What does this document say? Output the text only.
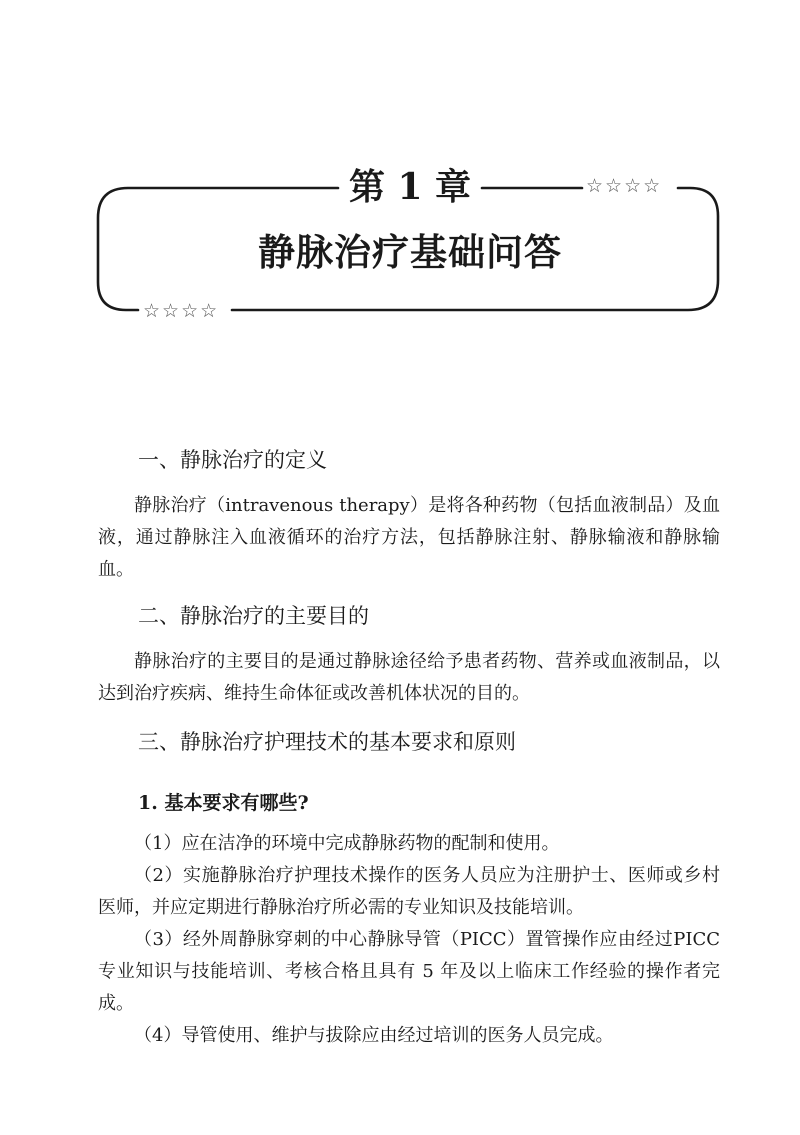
第 1 章
静脉治疗基础问答
☆☆☆☆
☆☆☆☆
一、静脉治疗的定义

静脉治疗（intravenous therapy）是将各种药物（包括血液制品）及血液，通过静脉注入血液循环的治疗方法，包括静脉注射、静脉输液和静脉输血。

二、静脉治疗的主要目的

静脉治疗的主要目的是通过静脉途径给予患者药物、营养或血液制品，以达到治疗疾病、维持生命体征或改善机体状况的目的。

三、静脉治疗护理技术的基本要求和原则
1. 基本要求有哪些?

（1）应在洁净的环境中完成静脉药物的配制和使用。

（2）实施静脉治疗护理技术操作的医务人员应为注册护士、医师或乡村医师，并应定期进行静脉治疗所必需的专业知识及技能培训。

（3）经外周静脉穿刺的中心静脉导管（PICC）置管操作应由经过PICC 专业知识与技能培训、考核合格且具有 5 年及以上临床工作经验的操作者完成。

（4）导管使用、维护与拔除应由经过培训的医务人员完成。
